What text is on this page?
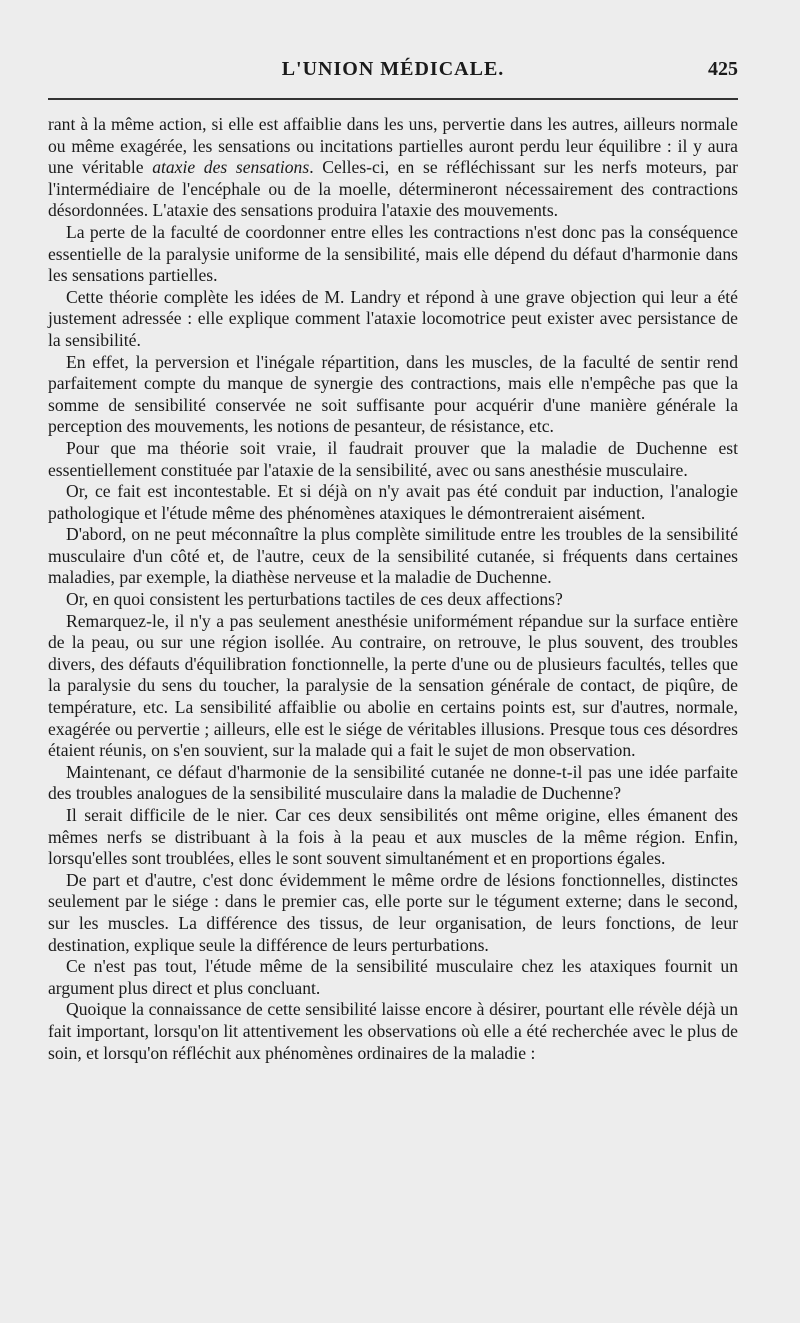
L'UNION MÉDICALE.	425

rant à la même action, si elle est affaiblie dans les uns, pervertie dans les autres, ailleurs normale ou même exagérée, les sensations ou incitations partielles auront perdu leur équilibre : il y aura une véritable ataxie des sensations. Celles-ci, en se réfléchissant sur les nerfs moteurs, par l'intermédiaire de l'encéphale ou de la moelle, détermineront nécessairement des contractions désordonnées. L'ataxie des sensations produira l'ataxie des mouvements.

La perte de la faculté de coordonner entre elles les contractions n'est donc pas la conséquence essentielle de la paralysie uniforme de la sensibilité, mais elle dépend du défaut d'harmonie dans les sensations partielles.

Cette théorie complète les idées de M. Landry et répond à une grave objection qui leur a été justement adressée : elle explique comment l'ataxie locomotrice peut exister avec persistance de la sensibilité.

En effet, la perversion et l'inégale répartition, dans les muscles, de la faculté de sentir rend parfaitement compte du manque de synergie des contractions, mais elle n'empêche pas que la somme de sensibilité conservée ne soit suffisante pour acquérir d'une manière générale la perception des mouvements, les notions de pesanteur, de résistance, etc.

Pour que ma théorie soit vraie, il faudrait prouver que la maladie de Duchenne est essentiellement constituée par l'ataxie de la sensibilité, avec ou sans anesthésie musculaire.

Or, ce fait est incontestable. Et si déjà on n'y avait pas été conduit par induction, l'analogie pathologique et l'étude même des phénomènes ataxiques le démontreraient aisément.

D'abord, on ne peut méconnaître la plus complète similitude entre les troubles de la sensibilité musculaire d'un côté et, de l'autre, ceux de la sensibilité cutanée, si fréquents dans certaines maladies, par exemple, la diathèse nerveuse et la maladie de Duchenne.

Or, en quoi consistent les perturbations tactiles de ces deux affections?

Remarquez-le, il n'y a pas seulement anesthésie uniformément répandue sur la surface entière de la peau, ou sur une région isollée. Au contraire, on retrouve, le plus souvent, des troubles divers, des défauts d'équilibration fonctionnelle, la perte d'une ou de plusieurs facultés, telles que la paralysie du sens du toucher, la paralysie de la sensation générale de contact, de piqûre, de température, etc. La sensibilité affaiblie ou abolie en certains points est, sur d'autres, normale, exagérée ou pervertie ; ailleurs, elle est le siége de véritables illusions. Presque tous ces désordres étaient réunis, on s'en souvient, sur la malade qui a fait le sujet de mon observation.

Maintenant, ce défaut d'harmonie de la sensibilité cutanée ne donne-t-il pas une idée parfaite des troubles analogues de la sensibilité musculaire dans la maladie de Duchenne?

Il serait difficile de le nier. Car ces deux sensibilités ont même origine, elles émanent des mêmes nerfs se distribuant à la fois à la peau et aux muscles de la même région. Enfin, lorsqu'elles sont troublées, elles le sont souvent simultanément et en proportions égales.

De part et d'autre, c'est donc évidemment le même ordre de lésions fonctionnelles, distinctes seulement par le siége : dans le premier cas, elle porte sur le tégument externe; dans le second, sur les muscles. La différence des tissus, de leur organisation, de leurs fonctions, de leur destination, explique seule la différence de leurs perturbations.

Ce n'est pas tout, l'étude même de la sensibilité musculaire chez les ataxiques fournit un argument plus direct et plus concluant.

Quoique la connaissance de cette sensibilité laisse encore à désirer, pourtant elle révèle déjà un fait important, lorsqu'on lit attentivement les observations où elle a été recherchée avec le plus de soin, et lorsqu'on réfléchit aux phénomènes ordinaires de la maladie :
